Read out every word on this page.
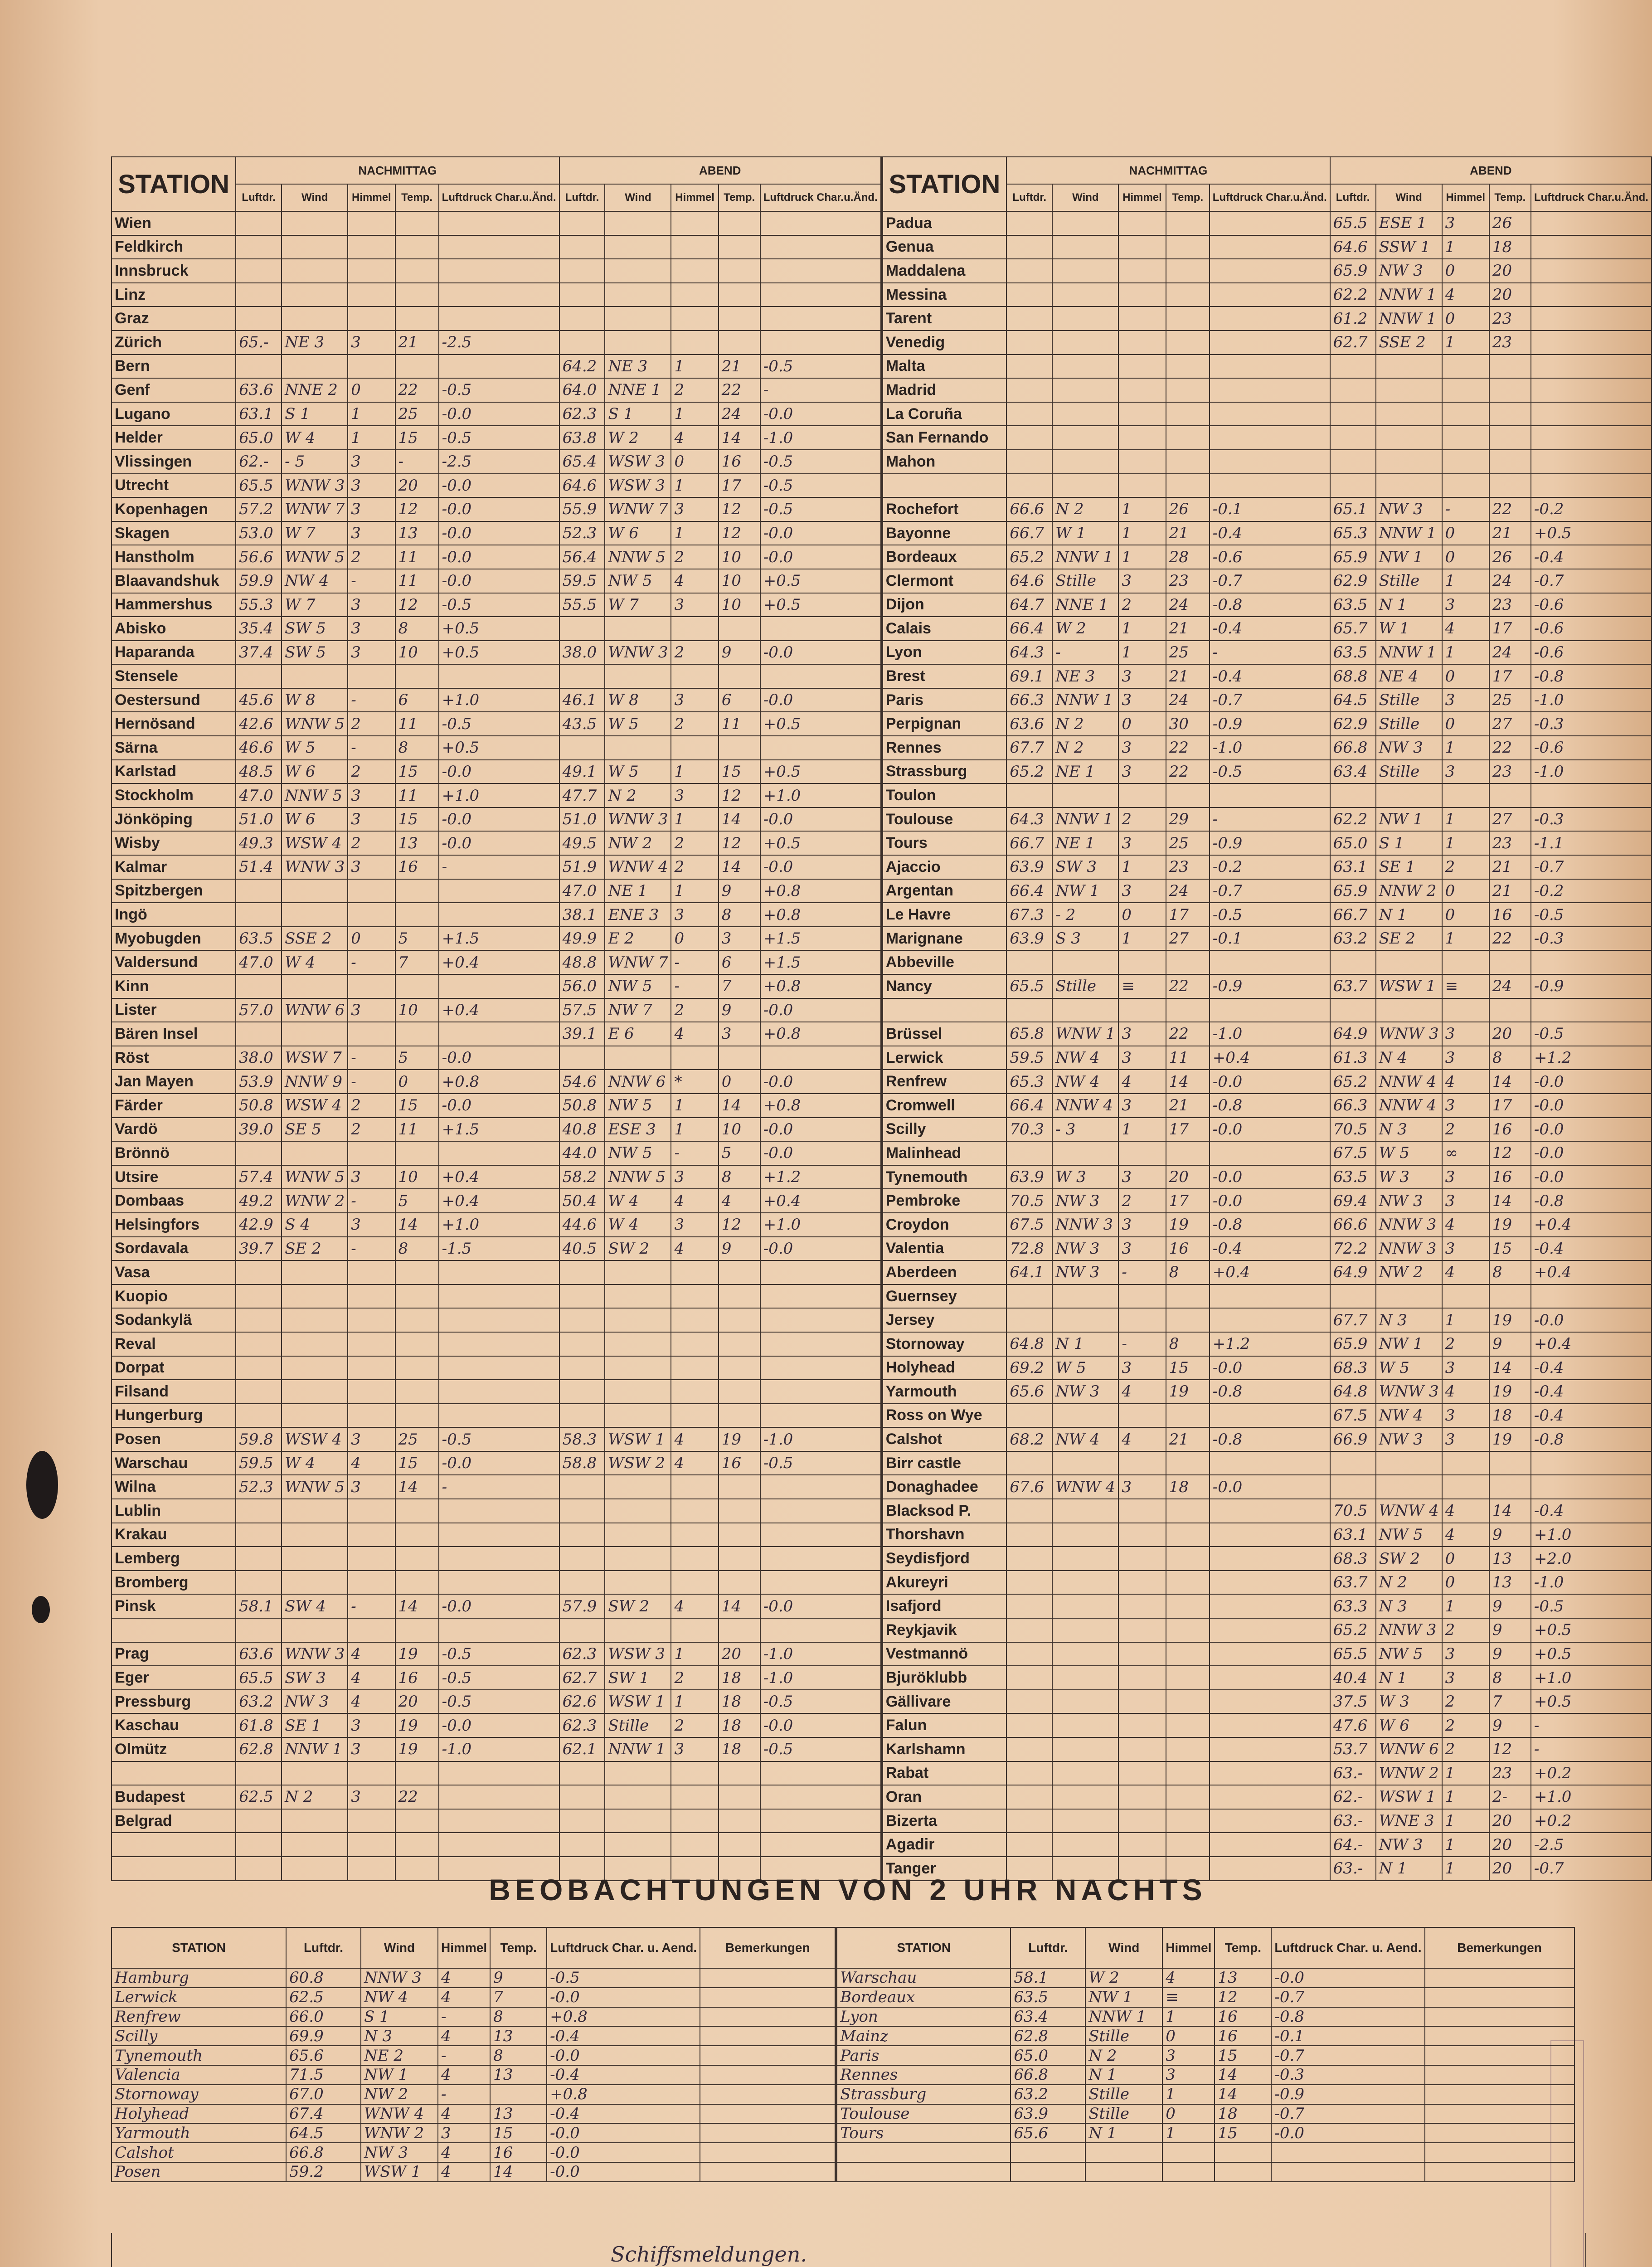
STATION	NACHMITTAG					ABEND					STATION	NACHMITTAG					ABEND				
	Luftdr.	Wind	Himmel	Temp.	Luftdruck Char.u.Änd.	Luftdr.	Wind	Himmel	Temp.	Luftdruck Char.u.Änd.		Luftdr.	Wind	Himmel	Temp.	Luftdruck Char.u.Änd.	Luftdr.	Wind	Himmel	Temp.	Luftdruck Char.u.Änd.
Wien											Padua						65.5	ESE 1	3	26	
Feldkirch											Genua						64.6	SSW 1	1	18	
Innsbruck											Maddalena						65.9	NW 3	0	20	
Linz											Messina						62.2	NNW 1	4	20	
Graz											Tarent						61.2	NNW 1	0	23	
Zürich	65.-	NE 3	3	21	-2.5						Venedig						62.7	SSE 2	1	23	
Bern						64.2	NE 3	1	21	-0.5	Malta										
Genf	63.6	NNE 2	0	22	-0.5	64.0	NNE 1	2	22	-	Madrid										
Lugano	63.1	S 1	1	25	-0.0	62.3	S 1	1	24	-0.0	La Coruña										
Helder	65.0	W 4	1	15	-0.5	63.8	W 2	4	14	-1.0	San Fernando										
Vlissingen	62.-	- 5	3	-	-2.5	65.4	WSW 3	0	16	-0.5	Mahon										
Utrecht	65.5	WNW 3	3	20	-0.0	64.6	WSW 3	1	17	-0.5											
Kopenhagen	57.2	WNW 7	3	12	-0.0	55.9	WNW 7	3	12	-0.5	Rochefort	66.6	N 2	1	26	-0.1	65.1	NW 3	-	22	-0.2
Skagen	53.0	W 7	3	13	-0.0	52.3	W 6	1	12	-0.0	Bayonne	66.7	W 1	1	21	-0.4	65.3	NNW 1	0	21	+0.5
Hanstholm	56.6	WNW 5	2	11	-0.0	56.4	NNW 5	2	10	-0.0	Bordeaux	65.2	NNW 1	1	28	-0.6	65.9	NW 1	0	26	-0.4
Blaavandshuk	59.9	NW 4	-	11	-0.0	59.5	NW 5	4	10	+0.5	Clermont	64.6	Stille	3	23	-0.7	62.9	Stille	1	24	-0.7
Hammershus	55.3	W 7	3	12	-0.5	55.5	W 7	3	10	+0.5	Dijon	64.7	NNE 1	2	24	-0.8	63.5	N 1	3	23	-0.6
Abisko	35.4	SW 5	3	8	+0.5						Calais	66.4	W 2	1	21	-0.4	65.7	W 1	4	17	-0.6
Haparanda	37.4	SW 5	3	10	+0.5	38.0	WNW 3	2	9	-0.0	Lyon	64.3	-	1	25	-	63.5	NNW 1	1	24	-0.6
Stensele											Brest	69.1	NE 3	3	21	-0.4	68.8	NE 4	0	17	-0.8
Oestersund	45.6	W 8	-	6	+1.0	46.1	W 8	3	6	-0.0	Paris	66.3	NNW 1	3	24	-0.7	64.5	Stille	3	25	-1.0
Hernösand	42.6	WNW 5	2	11	-0.5	43.5	W 5	2	11	+0.5	Perpignan	63.6	N 2	0	30	-0.9	62.9	Stille	0	27	-0.3
Särna	46.6	W 5	-	8	+0.5						Rennes	67.7	N 2	3	22	-1.0	66.8	NW 3	1	22	-0.6
Karlstad	48.5	W 6	2	15	-0.0	49.1	W 5	1	15	+0.5	Strassburg	65.2	NE 1	3	22	-0.5	63.4	Stille	3	23	-1.0
Stockholm	47.0	NNW 5	3	11	+1.0	47.7	N 2	3	12	+1.0	Toulon										
Jönköping	51.0	W 6	3	15	-0.0	51.0	WNW 3	1	14	-0.0	Toulouse	64.3	NNW 1	2	29	-	62.2	NW 1	1	27	-0.3
Wisby	49.3	WSW 4	2	13	-0.0	49.5	NW 2	2	12	+0.5	Tours	66.7	NE 1	3	25	-0.9	65.0	S 1	1	23	-1.1
Kalmar	51.4	WNW 3	3	16	-	51.9	WNW 4	2	14	-0.0	Ajaccio	63.9	SW 3	1	23	-0.2	63.1	SE 1	2	21	-0.7
Spitzbergen						47.0	NE 1	1	9	+0.8	Argentan	66.4	NW 1	3	24	-0.7	65.9	NNW 2	0	21	-0.2
Ingö						38.1	ENE 3	3	8	+0.8	Le Havre	67.3	- 2	0	17	-0.5	66.7	N 1	0	16	-0.5
Myobugden	63.5	SSE 2	0	5	+1.5	49.9	E 2	0	3	+1.5	Marignane	63.9	S 3	1	27	-0.1	63.2	SE 2	1	22	-0.3
Valdersund	47.0	W 4	-	7	+0.4	48.8	WNW 7	-	6	+1.5	Abbeville										
Kinn						56.0	NW 5	-	7	+0.8	Nancy	65.5	Stille	≡	22	-0.9	63.7	WSW 1	≡	24	-0.9
Lister	57.0	WNW 6	3	10	+0.4	57.5	NW 7	2	9	-0.0											
Bären Insel						39.1	E 6	4	3	+0.8	Brüssel	65.8	WNW 1	3	22	-1.0	64.9	WNW 3	3	20	-0.5
Röst	38.0	WSW 7	-	5	-0.0						Lerwick	59.5	NW 4	3	11	+0.4	61.3	N 4	3	8	+1.2
Jan Mayen	53.9	NNW 9	-	0	+0.8	54.6	NNW 6	*	0	-0.0	Renfrew	65.3	NW 4	4	14	-0.0	65.2	NNW 4	4	14	-0.0
Färder	50.8	WSW 4	2	15	-0.0	50.8	NW 5	1	14	+0.8	Cromwell	66.4	NNW 4	3	21	-0.8	66.3	NNW 4	3	17	-0.0
Vardö	39.0	SE 5	2	11	+1.5	40.8	ESE 3	1	10	-0.0	Scilly	70.3	- 3	1	17	-0.0	70.5	N 3	2	16	-0.0
Brönnö						44.0	NW 5	-	5	-0.0	Malinhead						67.5	W 5	∞	12	-0.0
Utsire	57.4	WNW 5	3	10	+0.4	58.2	NNW 5	3	8	+1.2	Tynemouth	63.9	W 3	3	20	-0.0	63.5	W 3	3	16	-0.0
Dombaas	49.2	WNW 2	-	5	+0.4	50.4	W 4	4	4	+0.4	Pembroke	70.5	NW 3	2	17	-0.0	69.4	NW 3	3	14	-0.8
Helsingfors	42.9	S 4	3	14	+1.0	44.6	W 4	3	12	+1.0	Croydon	67.5	NNW 3	3	19	-0.8	66.6	NNW 3	4	19	+0.4
Sordavala	39.7	SE 2	-	8	-1.5	40.5	SW 2	4	9	-0.0	Valentia	72.8	NW 3	3	16	-0.4	72.2	NNW 3	3	15	-0.4
Vasa											Aberdeen	64.1	NW 3	-	8	+0.4	64.9	NW 2	4	8	+0.4
Kuopio											Guernsey										
Sodankylä											Jersey						67.7	N 3	1	19	-0.0
Reval											Stornoway	64.8	N 1	-	8	+1.2	65.9	NW 1	2	9	+0.4
Dorpat											Holyhead	69.2	W 5	3	15	-0.0	68.3	W 5	3	14	-0.4
Filsand											Yarmouth	65.6	NW 3	4	19	-0.8	64.8	WNW 3	4	19	-0.4
Hungerburg											Ross on Wye						67.5	NW 4	3	18	-0.4
Posen	59.8	WSW 4	3	25	-0.5	58.3	WSW 1	4	19	-1.0	Calshot	68.2	NW 4	4	21	-0.8	66.9	NW 3	3	19	-0.8
Warschau	59.5	W 4	4	15	-0.0	58.8	WSW 2	4	16	-0.5	Birr castle										
Wilna	52.3	WNW 5	3	14	-						Donaghadee	67.6	WNW 4	3	18	-0.0					
Lublin											Blacksod P.						70.5	WNW 4	4	14	-0.4
Krakau											Thorshavn						63.1	NW 5	4	9	+1.0
Lemberg											Seydisfjord						68.3	SW 2	0	13	+2.0
Bromberg											Akureyri						63.7	N 2	0	13	-1.0
Pinsk	58.1	SW 4	-	14	-0.0	57.9	SW 2	4	14	-0.0	Isafjord						63.3	N 3	1	9	-0.5
											Reykjavik						65.2	NNW 3	2	9	+0.5
Prag	63.6	WNW 3	4	19	-0.5	62.3	WSW 3	1	20	-1.0	Vestmannö						65.5	NW 5	3	9	+0.5
Eger	65.5	SW 3	4	16	-0.5	62.7	SW 1	2	18	-1.0	Bjuröklubb						40.4	N 1	3	8	+1.0
Pressburg	63.2	NW 3	4	20	-0.5	62.6	WSW 1	1	18	-0.5	Gällivare						37.5	W 3	2	7	+0.5
Kaschau	61.8	SE 1	3	19	-0.0	62.3	Stille	2	18	-0.0	Falun						47.6	W 6	2	9	-
Olmütz	62.8	NNW 1	3	19	-1.0	62.1	NNW 1	3	18	-0.5	Karlshamn						53.7	WNW 6	2	12	-
											Rabat						63.-	WNW 2	1	23	+0.2
Budapest	62.5	N 2	3	22							Oran						62.-	WSW 1	1	2-	+1.0
Belgrad											Bizerta						63.-	WNE 3	1	20	+0.2
											Agadir						64.-	NW 3	1	20	-2.5
											Tanger						63.-	N 1	1	20	-0.7
BEOBACHTUNGEN VON 2 UHR NACHTS
STATION	Luftdr.	Wind	Himmel	Temp.	Luftdruck Char. u. Aend.	Bemerkungen	STATION	Luftdr.	Wind	Himmel	Temp.	Luftdruck Char. u. Aend.	Bemerkungen
Hamburg	60.8	NNW 3	4	9	-0.5		Warschau	58.1	W 2	4	13	-0.0	
Lerwick	62.5	NW 4	4	7	-0.0		Bordeaux	63.5	NW 1	≡	12	-0.7	
Renfrew	66.0	S 1	-	8	+0.8		Lyon	63.4	NNW 1	1	16	-0.8	
Scilly	69.9	N 3	4	13	-0.4		Mainz	62.8	Stille	0	16	-0.1	
Tynemouth	65.6	NE 2	-	8	-0.0		Paris	65.0	N 2	3	15	-0.7	
Valencia	71.5	NW 1	4	13	-0.4		Rennes	66.8	N 1	3	14	-0.3	
Stornoway	67.0	NW 2	-		+0.8		Strassburg	63.2	Stille	1	14	-0.9	
Holyhead	67.4	WNW 4	4	13	-0.4		Toulouse	63.9	Stille	0	18	-0.7	
Yarmouth	64.5	WNW 2	3	15	-0.0		Tours	65.6	N 1	1	15	-0.0	
Calshot	66.8	NW 3	4	16	-0.0								
Posen	59.2	WSW 1	4	14	-0.0								
Schiffsmeldungen.
